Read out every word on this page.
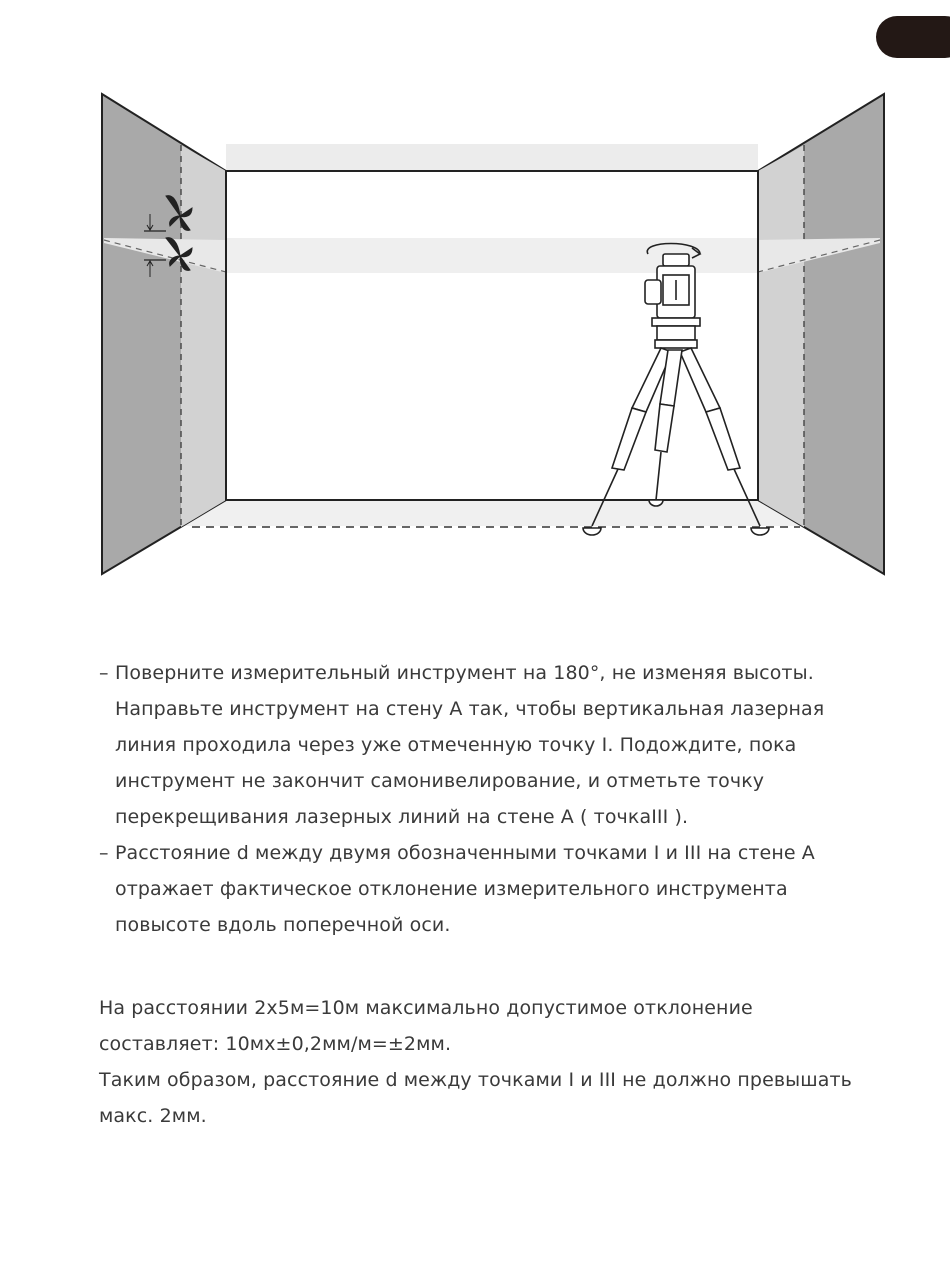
– Поверните измерительный инструмент на 180°, не изменяя высоты.
Направьте инструмент на стену A так, чтобы вертикальная лазерная
линия проходила через уже отмеченную точку I. Подождите, пока
инструмент не закончит самонивелирование, и отметьте точку
перекрещивания лазерных линий на стене A ( точкаIII ).
– Расстояние d между двумя обозначенными точками I и III на стене A
отражает фактическое отклонение измерительного инструмента
повысоте вдоль поперечной оси.
На расстоянии 2x5м=10м максимально допустимое отклонение
составляет: 10мх±0,2мм/м=±2мм.
Таким образом, расстояние d между точками I и III не должно превышать
макс. 2мм.
